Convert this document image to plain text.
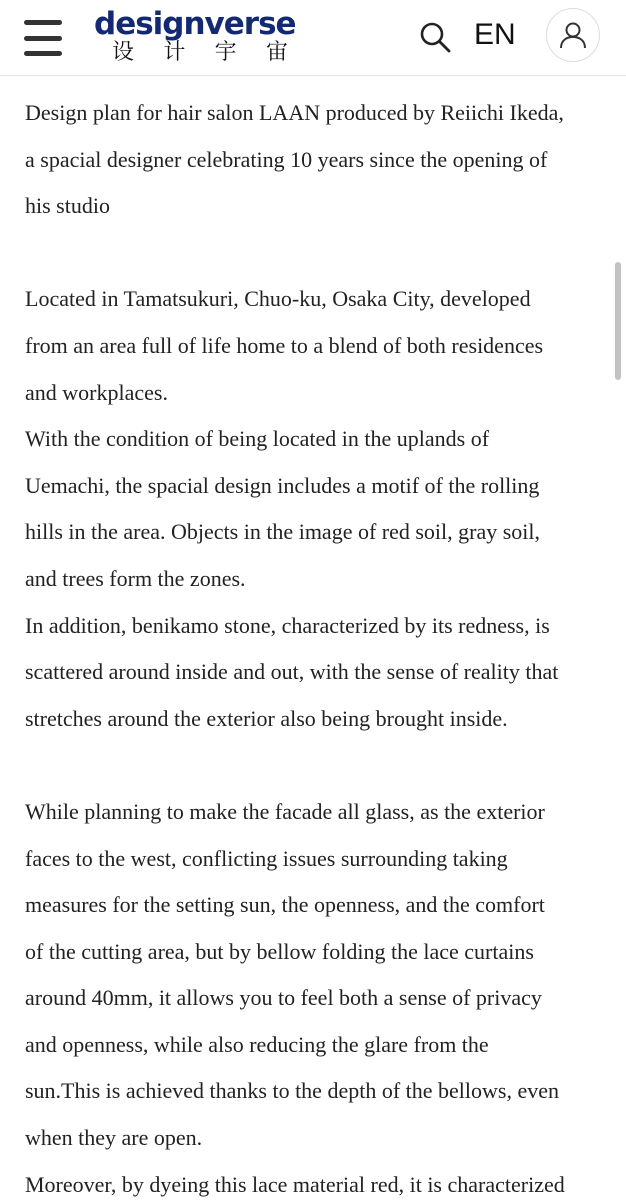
designverse
设 计 宇 宙
EN

Design plan for hair salon LAAN produced by Reiichi Ikeda,

a spacial designer celebrating 10 years since the opening of

his studio

Located in Tamatsukuri, Chuo-ku, Osaka City, developed

from an area full of life home to a blend of both residences

and workplaces.

With the condition of being located in the uplands of

Uemachi, the spacial design includes a motif of the rolling

hills in the area. Objects in the image of red soil, gray soil,

and trees form the zones.

In addition, benikamo stone, characterized by its redness, is

scattered around inside and out, with the sense of reality that

stretches around the exterior also being brought inside.

While planning to make the facade all glass, as the exterior

faces to the west, conflicting issues surrounding taking

measures for the setting sun, the openness, and the comfort

of the cutting area, but by bellow folding the lace curtains

around 40mm, it allows you to feel both a sense of privacy

and openness, while also reducing the glare from the

sun.This is achieved thanks to the depth of the bellows, even

when they are open.

Moreover, by dyeing this lace material red, it is characterized
